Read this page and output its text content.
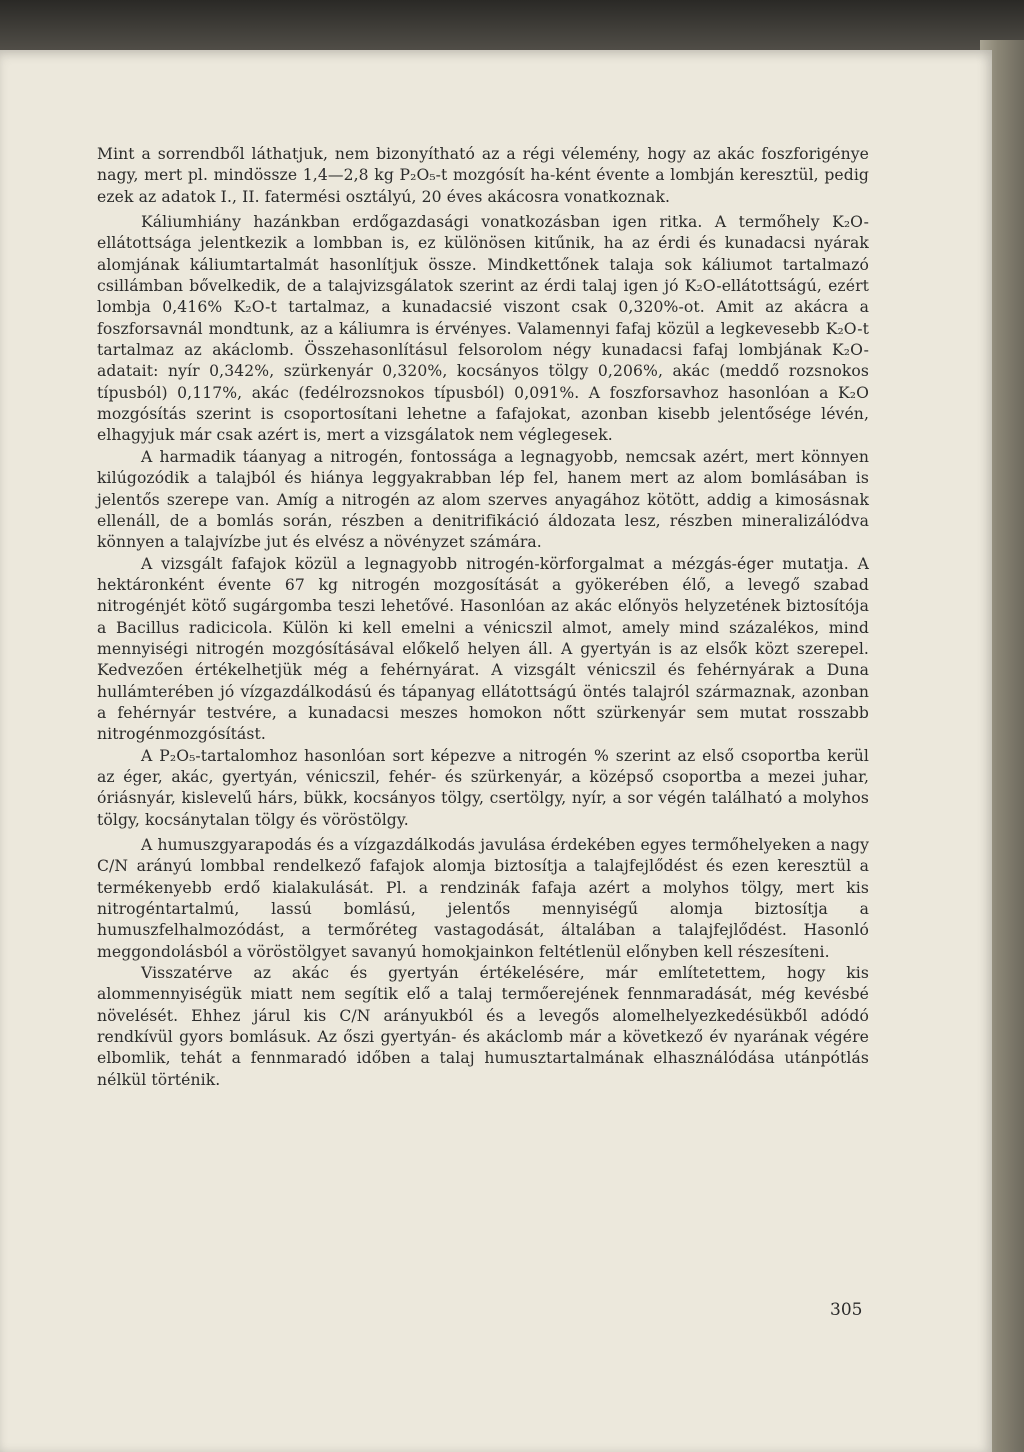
Mint a sorrendből láthatjuk, nem bizonyítható az a régi vélemény, hogy az akác foszforigénye nagy, mert pl. mindössze 1,4—2,8 kg P₂O₅-t mozgósít ha-ként évente a lombján keresztül, pedig ezek az adatok I., II. fatermési osztályú, 20 éves akácosra vonatkoznak.

Káliumhiány hazánkban erdőgazdasági vonatkozásban igen ritka. A termőhely K₂O-ellátottsága jelentkezik a lombban is, ez különösen kitűnik, ha az érdi és kunadacsi nyárak alomjának káliumtartalmát hasonlítjuk össze. Mindkettőnek talaja sok káliumot tartalmazó csillámban bővelkedik, de a talajvizsgálatok szerint az érdi talaj igen jó K₂O-ellátottságú, ezért lombja 0,416% K₂O-t tartalmaz, a kunadacsié viszont csak 0,320%-ot. Amit az akácra a foszforsavnál mondtunk, az a káliumra is érvényes. Valamennyi fafaj közül a legkevesebb K₂O-t tartalmaz az akáclomb. Összehasonlításul felsorolom négy kunadacsi fafaj lombjának K₂O-adatait: nyír 0,342%, szürkenyár 0,320%, kocsányos tölgy 0,206%, akác (meddő rozsnokos típusból) 0,117%, akác (fedélrozsnokos típusból) 0,091%. A foszforsavhoz hasonlóan a K₂O mozgósítás szerint is csoportosítani lehetne a fafajokat, azonban kisebb jelentősége lévén, elhagyjuk már csak azért is, mert a vizsgálatok nem véglegesek.

A harmadik táanyag a nitrogén, fontossága a legnagyobb, nemcsak azért, mert könnyen kilúgozódik a talajból és hiánya leggyakrabban lép fel, hanem mert az alom bomlásában is jelentős szerepe van. Amíg a nitrogén az alom szerves anyagához kötött, addig a kimosásnak ellenáll, de a bomlás során, részben a denitrifikáció áldozata lesz, részben mineralizálódva könnyen a talajvízbe jut és elvész a növényzet számára.

A vizsgált fafajok közül a legnagyobb nitrogén-körforgalmat a mézgás-éger mutatja. A hektáronként évente 67 kg nitrogén mozgosítását a gyökerében élő, a levegő szabad nitrogénjét kötő sugárgomba teszi lehetővé. Hasonlóan az akác előnyös helyzetének biztosítója a Bacillus radicicola. Külön ki kell emelni a vénicszil almot, amely mind százalékos, mind mennyiségi nitrogén mozgósításával előkelő helyen áll. A gyertyán is az elsők közt szerepel. Kedvezően értékelhetjük még a fehérnyárat. A vizsgált vénicszil és fehérnyárak a Duna hullámterében jó vízgazdálkodású és tápanyag ellátottságú öntés talajról származnak, azonban a fehérnyár testvére, a kunadacsi meszes homokon nőtt szürkenyár sem mutat rosszabb nitrogénmozgósítást.

A P₂O₅-tartalomhoz hasonlóan sort képezve a nitrogén % szerint az első csoportba kerül az éger, akác, gyertyán, vénicszil, fehér- és szürkenyár, a középső csoportba a mezei juhar, óriásnyár, kislevelű hárs, bükk, kocsányos tölgy, csertölgy, nyír, a sor végén található a molyhos tölgy, kocsánytalan tölgy és vöröstölgy.

A humuszgyarapodás és a vízgazdálkodás javulása érdekében egyes termőhelyeken a nagy C/N arányú lombbal rendelkező fafajok alomja biztosítja a talajfejlődést és ezen keresztül a termékenyebb erdő kialakulását. Pl. a rendzinák fafaja azért a molyhos tölgy, mert kis nitrogéntartalmú, lassú bomlású, jelentős mennyiségű alomja biztosítja a humuszfelhalmozódást, a termőréteg vastagodását, általában a talajfejlődést. Hasonló meggondolásból a vöröstölgyet savanyú homokjainkon feltétlenül előnyben kell részesíteni.

Visszatérve az akác és gyertyán értékelésére, már említetettem, hogy kis alommennyiségük miatt nem segítik elő a talaj termőerejének fennmaradását, még kevésbé növelését. Ehhez járul kis C/N arányukból és a levegős alomelhelyezkedésükből adódó rendkívül gyors bomlásuk. Az őszi gyertyán- és akáclomb már a következő év nyarának végére elbomlik, tehát a fennmaradó időben a talaj humusztartalmának elhasználódása utánpótlás nélkül történik.

305
